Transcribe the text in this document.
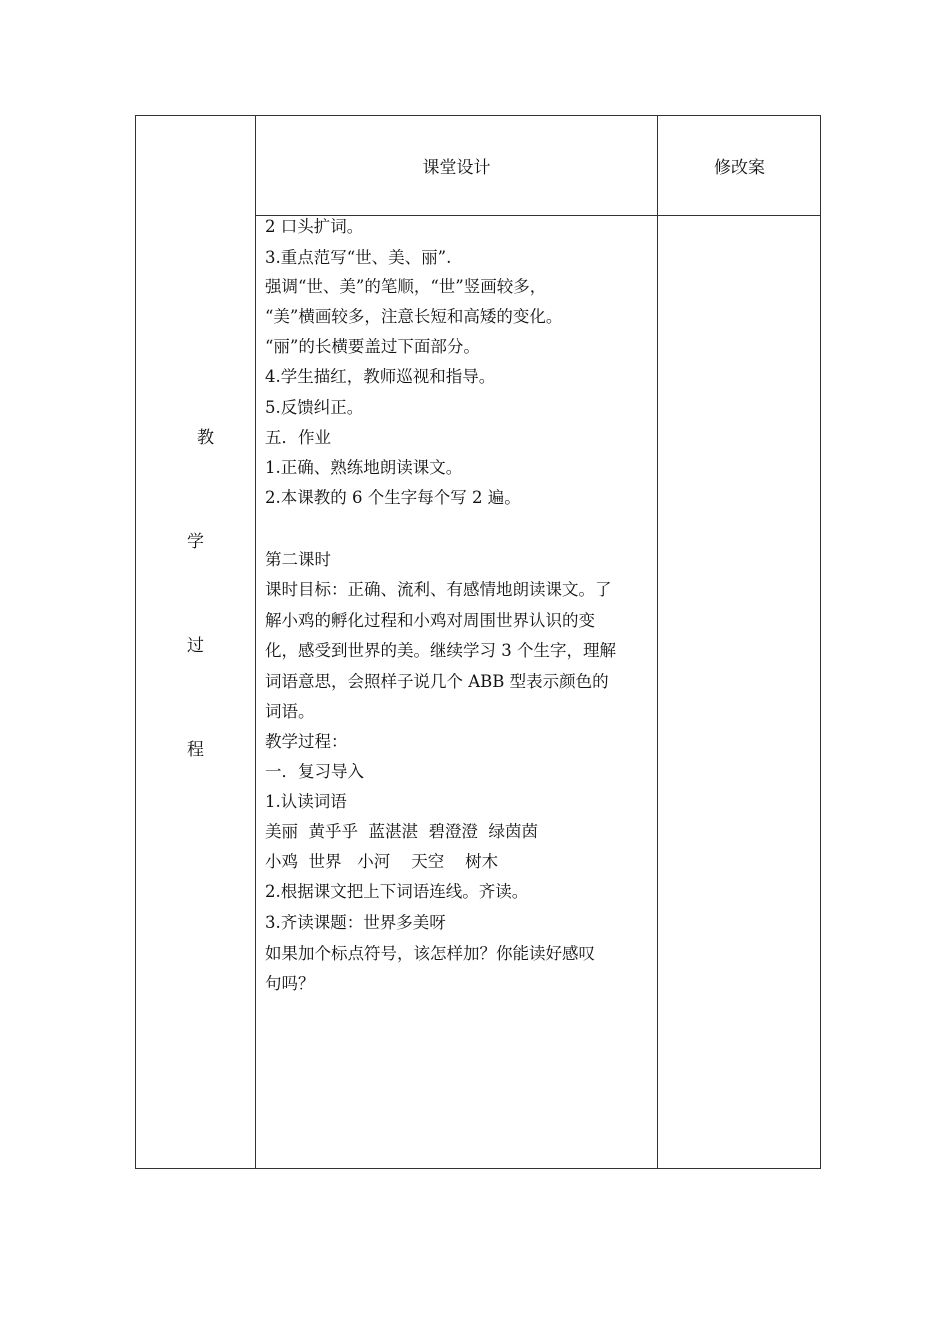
课堂设计	修改案
教
学
过
程
2 口头扩词。
3.重点范写“世、美、丽”.
强调“世、美”的笔顺，“世”竖画较多，
“美”横画较多，注意长短和高矮的变化。
“丽”的长横要盖过下面部分。
4.学生描红，教师巡视和指导。
5.反馈纠正。
五．作业
1.正确、熟练地朗读课文。
2.本课教的 6 个生字每个写 2 遍。
第二课时
课时目标：正确、流利、有感情地朗读课文。了
解小鸡的孵化过程和小鸡对周围世界认识的变
化，感受到世界的美。继续学习 3 个生字，理解
词语意思，会照样子说几个 ABB 型表示颜色的
词语。
教学过程：
一．复习导入
1.认读词语
美丽  黄乎乎  蓝湛湛  碧澄澄  绿茵茵
小鸡  世界   小河    天空    树木
2.根据课文把上下词语连线。齐读。
3.齐读课题：世界多美呀
如果加个标点符号，该怎样加？你能读好感叹
句吗？
